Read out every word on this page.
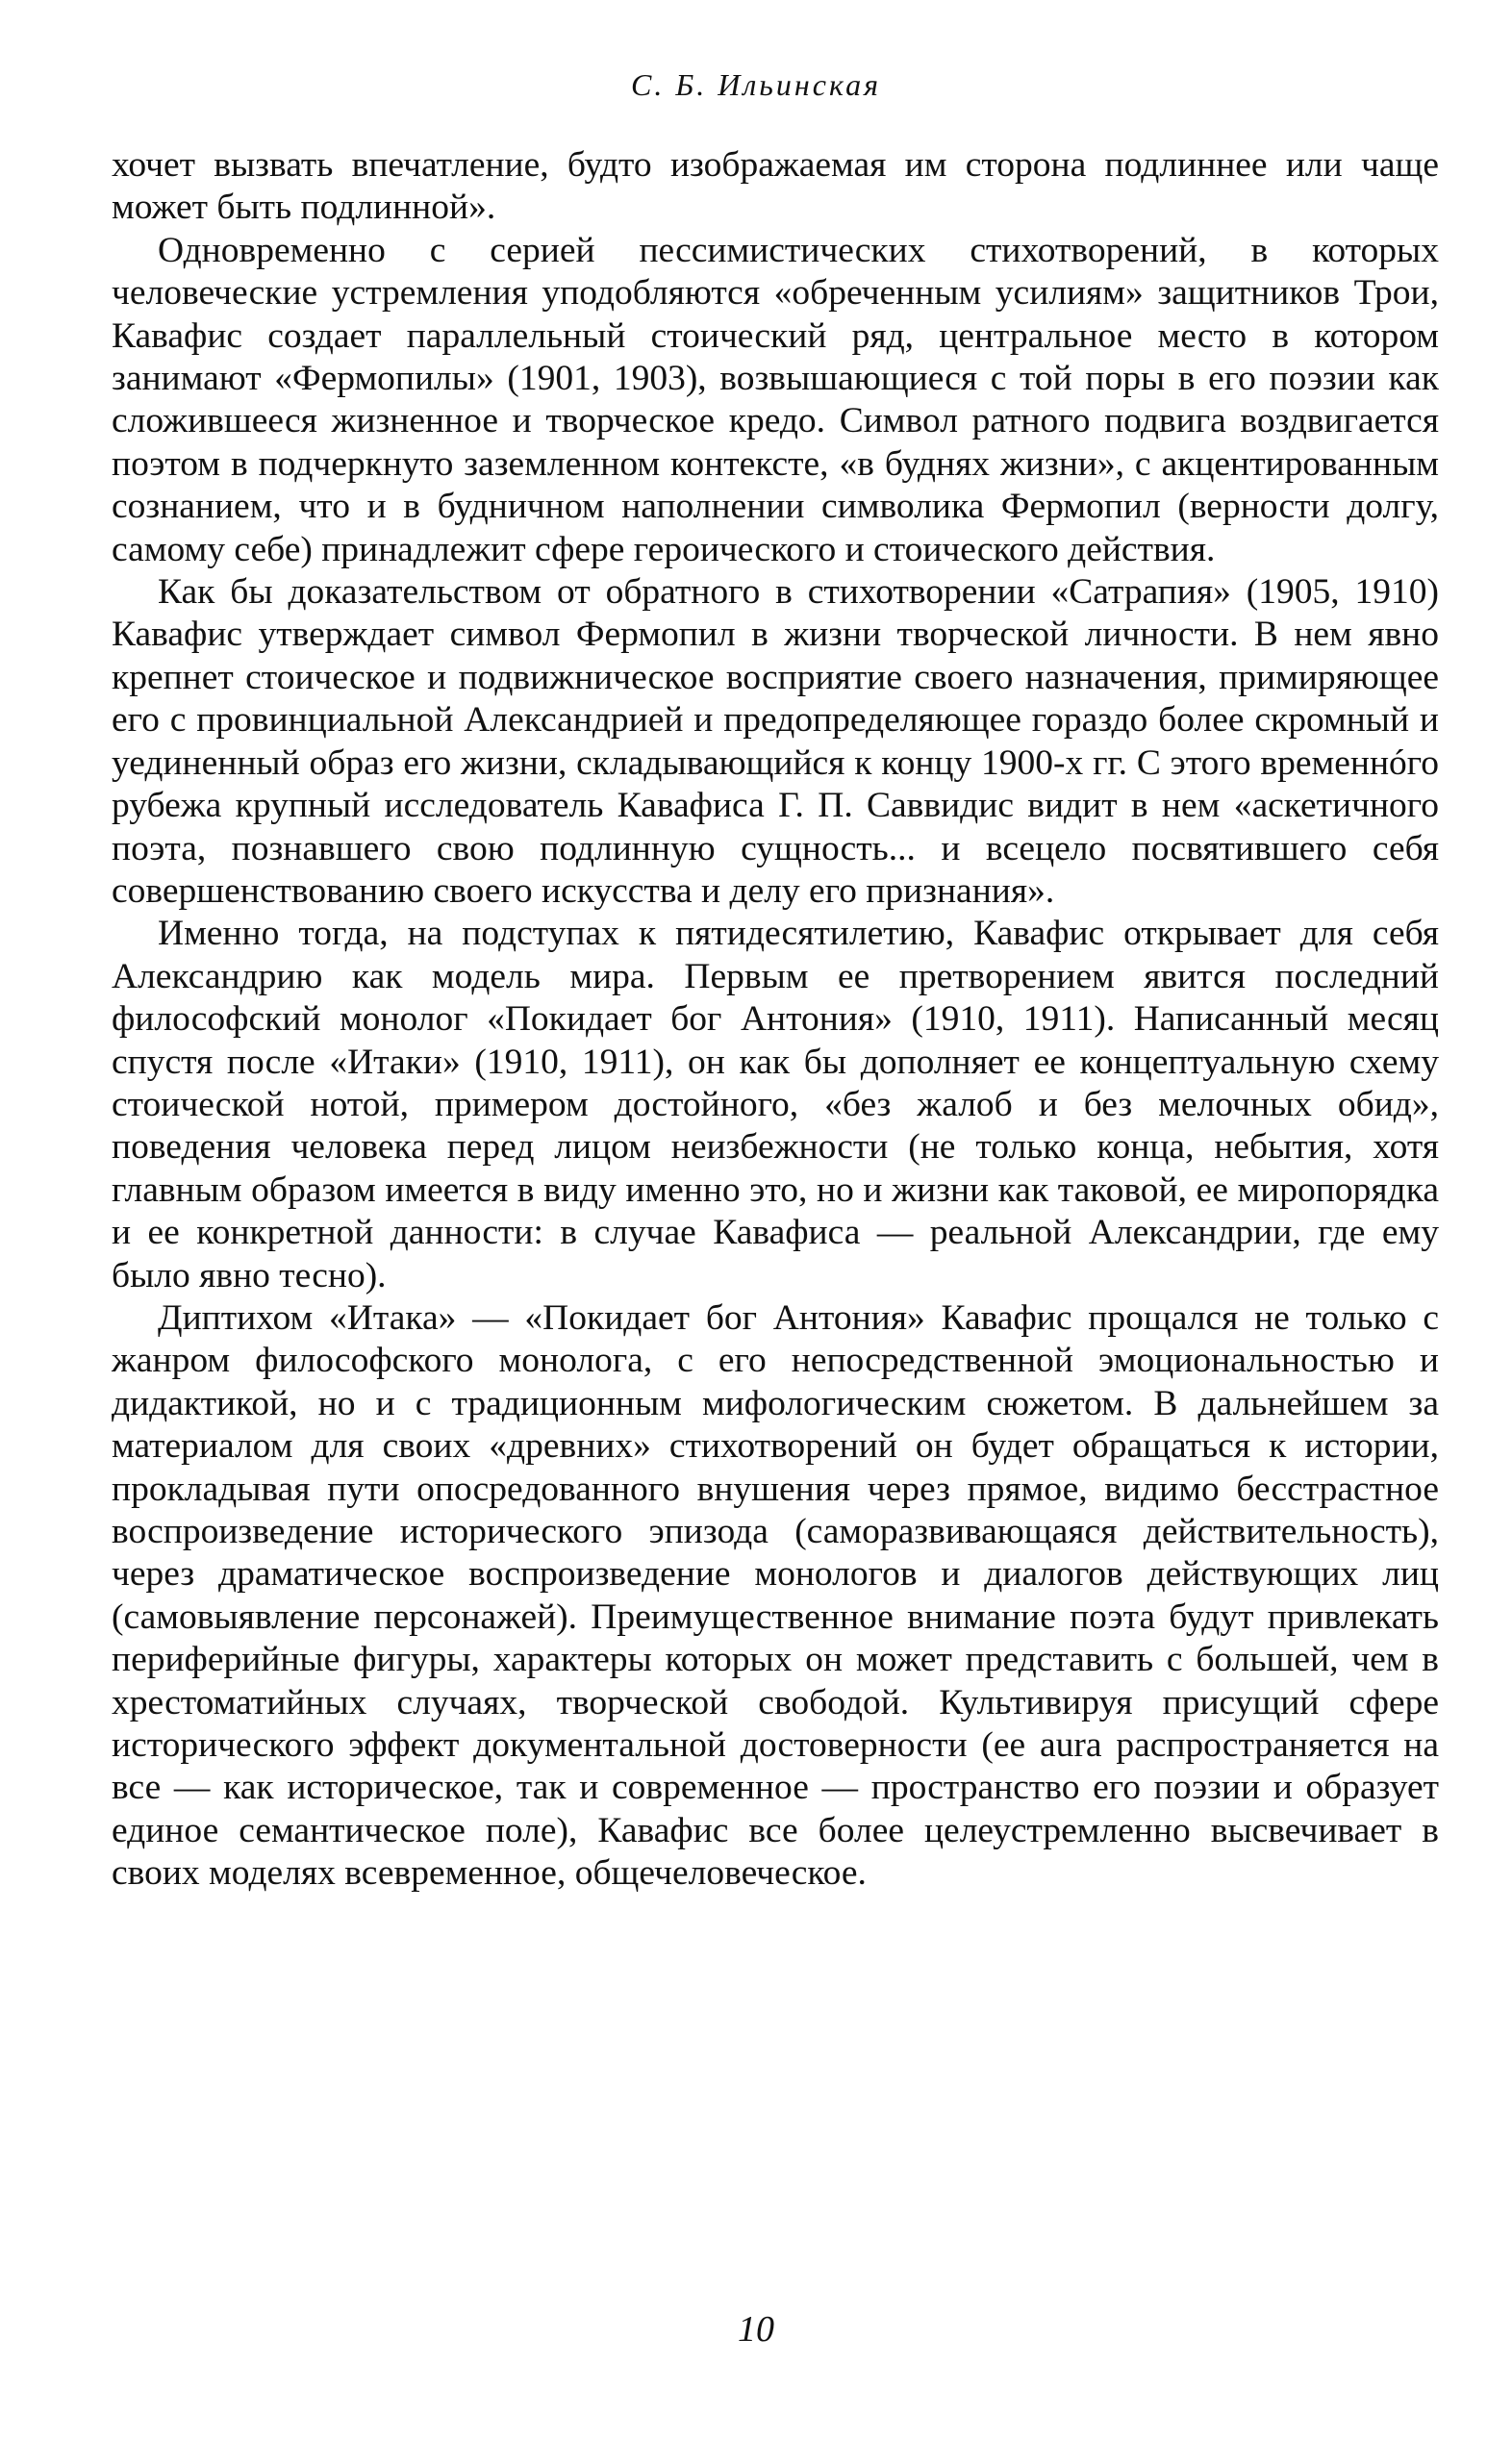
С. Б. Ильинская

хочет вызвать впечатление, будто изображаемая им сторона подлиннее или чаще может быть подлинной».

Одновременно с серией пессимистических стихотворений, в которых человеческие устремления уподобляются «обреченным усилиям» защитников Трои, Кавафис создает параллельный стоический ряд, центральное место в котором занимают «Фермопилы» (1901, 1903), возвышающиеся с той поры в его поэзии как сложившееся жизненное и творческое кредо. Символ ратного подвига воздвигается поэтом в подчеркнуто заземленном контексте, «в буднях жизни», с акцентированным сознанием, что и в будничном наполнении символика Фермопил (верности долгу, самому себе) принадлежит сфере героического и стоического действия.

Как бы доказательством от обратного в стихотворении «Сатрапия» (1905, 1910) Кавафис утверждает символ Фермопил в жизни творческой личности. В нем явно крепнет стоическое и подвижническое восприятие своего назначения, примиряющее его с провинциальной Александрией и предопределяющее гораздо более скромный и уединенный образ его жизни, складывающийся к концу 1900-х гг. С этого временнóго рубежа крупный исследователь Кавафиса Г. П. Саввидис видит в нем «аскетичного поэта, познавшего свою подлинную сущность... и всецело посвятившего себя совершенствованию своего искусства и делу его признания».

Именно тогда, на подступах к пятидесятилетию, Кавафис открывает для себя Александрию как модель мира. Первым ее претворением явится последний философский монолог «Покидает бог Антония» (1910, 1911). Написанный месяц спустя после «Итаки» (1910, 1911), он как бы дополняет ее концептуальную схему стоической нотой, примером достойного, «без жалоб и без мелочных обид», поведения человека перед лицом неизбежности (не только конца, небытия, хотя главным образом имеется в виду именно это, но и жизни как таковой, ее миропорядка и ее конкретной данности: в случае Кавафиса — реальной Александрии, где ему было явно тесно).

Диптихом «Итака» — «Покидает бог Антония» Кавафис прощался не только с жанром философского монолога, с его непосредственной эмоциональностью и дидактикой, но и с традиционным мифологическим сюжетом. В дальнейшем за материалом для своих «древних» стихотворений он будет обращаться к истории, прокладывая пути опосредованного внушения через прямое, видимо бесстрастное воспроизведение исторического эпизода (саморазвивающаяся действительность), через драматическое воспроизведение монологов и диалогов действующих лиц (самовыявление персонажей). Преимущественное внимание поэта будут привлекать периферийные фигуры, характеры которых он может представить с большей, чем в хрестоматийных случаях, творческой свободой. Культивируя присущий сфере исторического эффект документальной достоверности (ее aura распространяется на все — как историческое, так и современное — пространство его поэзии и образует единое семантическое поле), Кавафис все более целеустремленно высвечивает в своих моделях всевременное, общечеловеческое.

10
